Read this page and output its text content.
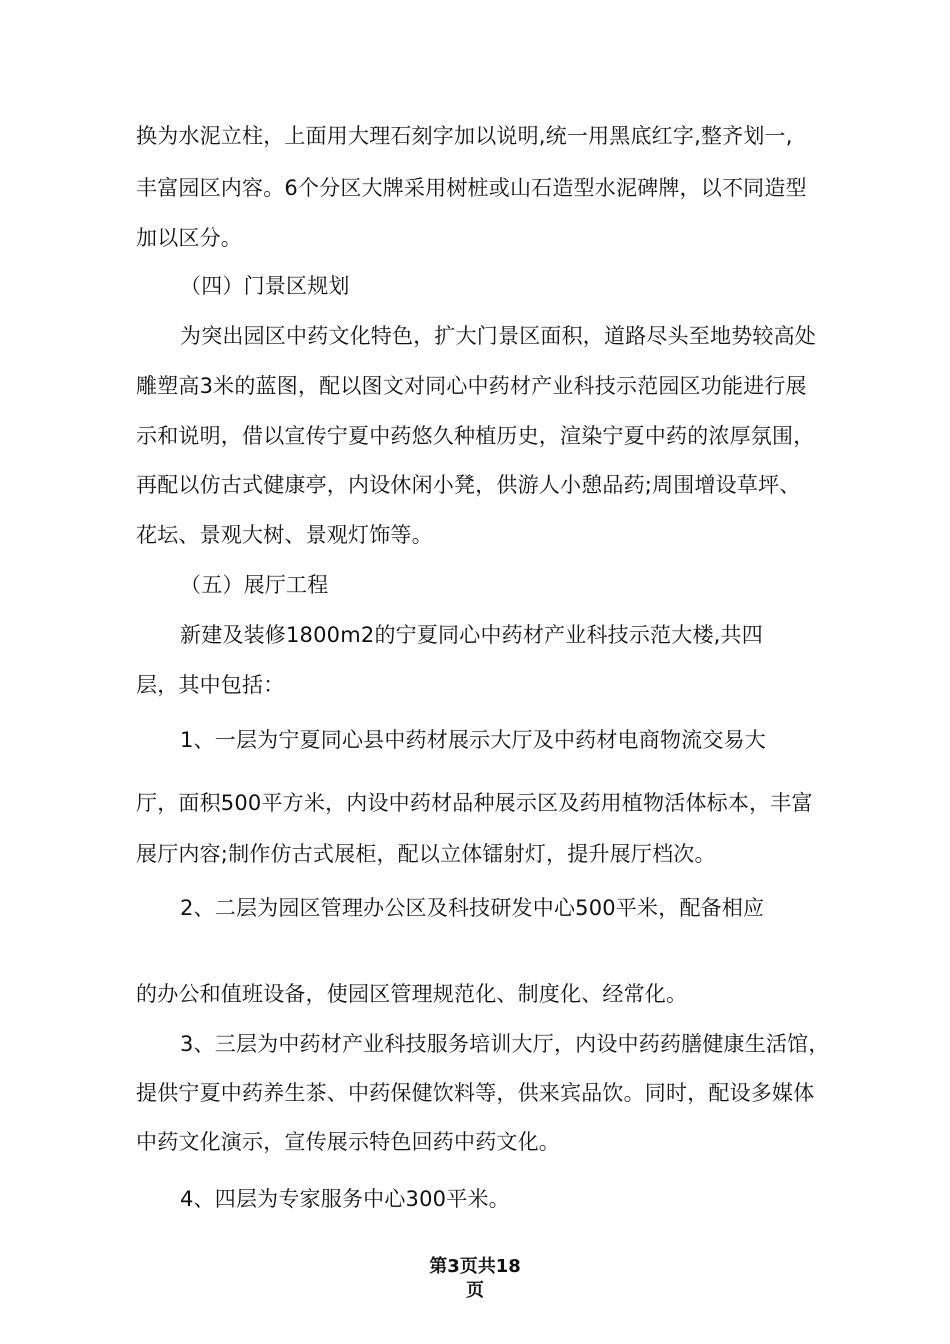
换为水泥立柱，上面用大理石刻字加以说明,统一用黑底红字,整齐划一,
丰富园区内容。6个分区大牌采用树桩或山石造型水泥碑牌，以不同造型
加以区分。
（四）门景区规划
为突出园区中药文化特色，扩大门景区面积，道路尽头至地势较高处
雕塑高3米的蓝图，配以图文对同心中药材产业科技示范园区功能进行展
示和说明，借以宣传宁夏中药悠久种植历史，渲染宁夏中药的浓厚氛围，
再配以仿古式健康亭，内设休闲小凳，供游人小憩品药;周围增设草坪、
花坛、景观大树、景观灯饰等。
（五）展厅工程
新建及装修1800m2的宁夏同心中药材产业科技示范大楼,共四
层，其中包括：
1、一层为宁夏同心县中药材展示大厅及中药材电商物流交易大
厅，面积500平方米，内设中药材品种展示区及药用植物活体标本，丰富
展厅内容;制作仿古式展柜，配以立体镭射灯，提升展厅档次。
2、二层为园区管理办公区及科技研发中心500平米，配备相应
的办公和值班设备，使园区管理规范化、制度化、经常化。
3、三层为中药材产业科技服务培训大厅，内设中药药膳健康生活馆，
提供宁夏中药养生茶、中药保健饮料等，供来宾品饮。同时，配设多媒体
中药文化演示，宣传展示特色回药中药文化。
4、四层为专家服务中心300平米。
第3页共18
页
